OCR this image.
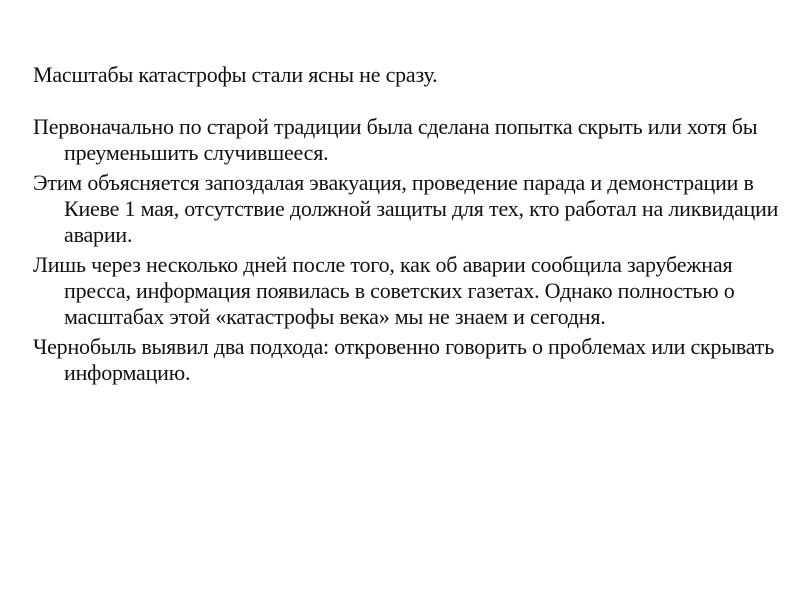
Масштабы катастрофы стали ясны не сразу.

Первоначально по старой традиции была сделана попытка скрыть или хотя бы преуменьшить случившееся.

Этим объясняется запоздалая эвакуация, проведение парада и демонстрации в Киеве 1 мая, отсутствие должной защиты для тех, кто работал на ликвидации аварии.

Лишь через несколько дней после того, как об аварии сообщила зарубежная пресса, информация появилась в советских газетах. Однако полностью о масштабах этой «катастрофы века» мы не знаем и сегодня.

Чернобыль выявил два подхода: откровенно говорить о проблемах или скрывать информацию.
